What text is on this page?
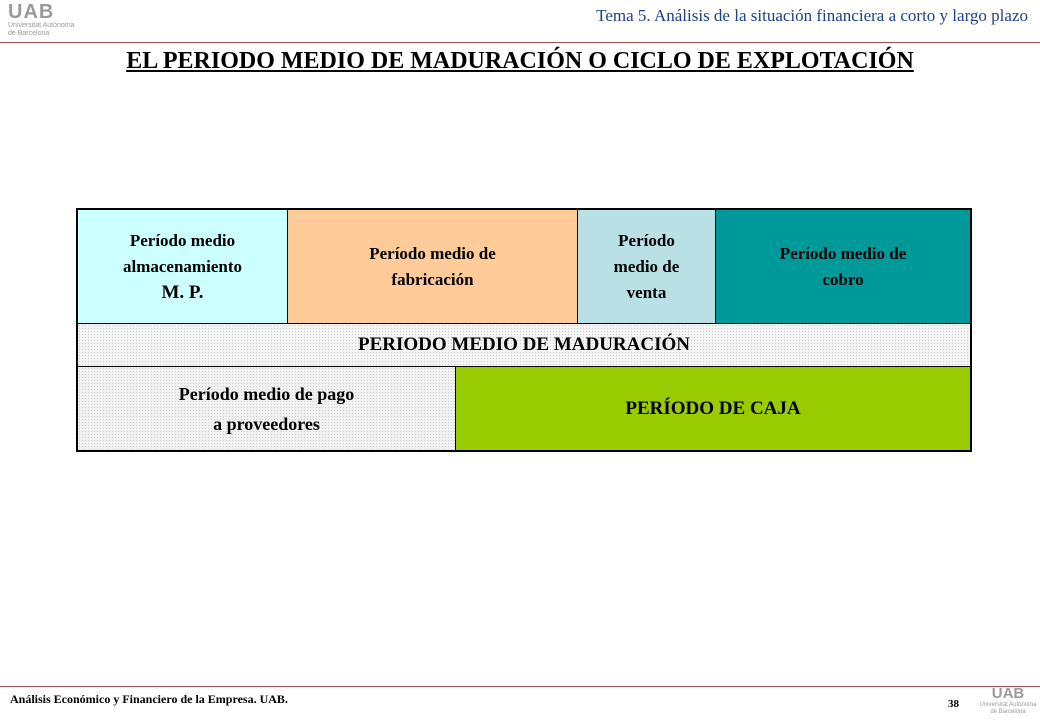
UAB
Universitat Autònoma
de Barcelona
Tema 5. Análisis de la situación financiera a corto y largo plazo
EL PERIODO MEDIO DE MADURACIÓN O CICLO DE EXPLOTACIÓN
Período medio
almacenamiento
M. P.
Período medio de
fabricación
Período
medio de
venta
Período medio de
cobro
PERIODO MEDIO DE MADURACIÓN
Período medio de pago
a proveedores
PERÍODO DE CAJA
Análisis Económico y Financiero de la Empresa. UAB.	38
UAB
Universitat Autònoma
de Barcelona
